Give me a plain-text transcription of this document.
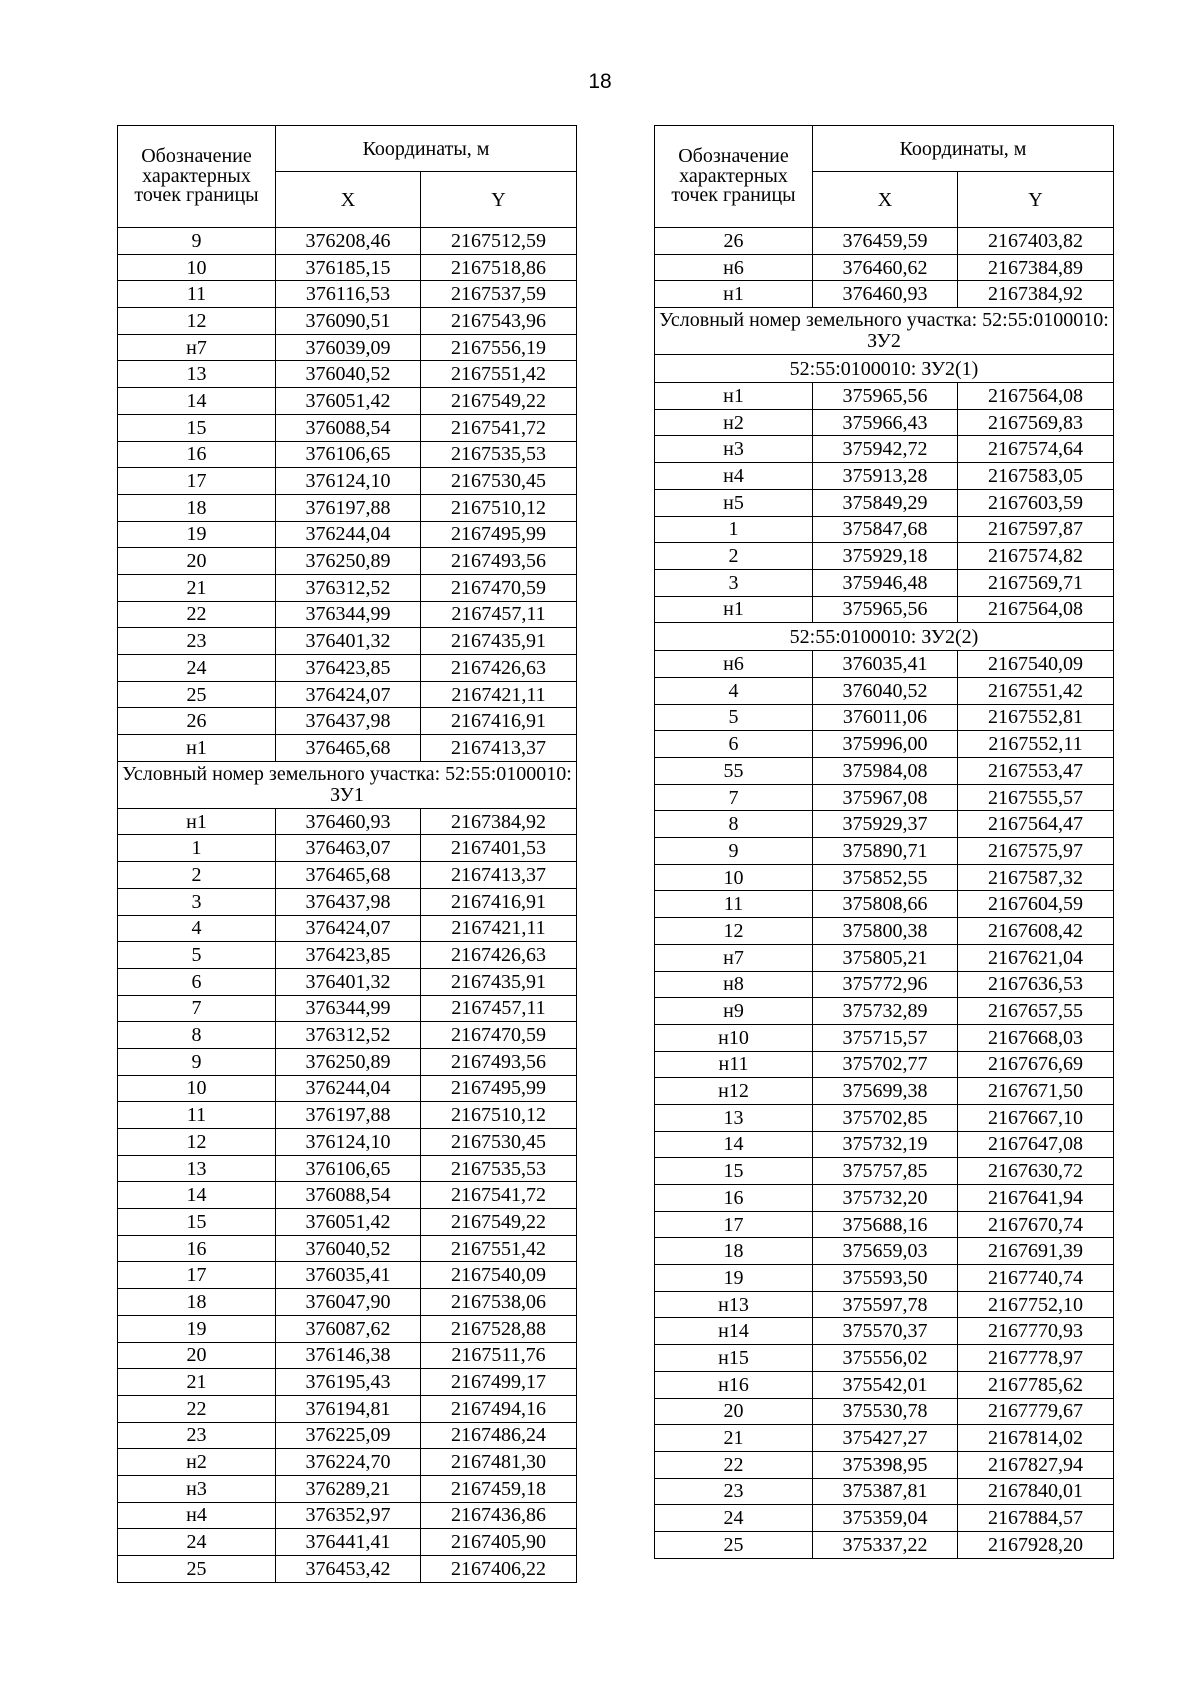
18
Обозначение характерных точек границы	Координаты, м	
	X	Y
9	376208,46	2167512,59
10	376185,15	2167518,86
11	376116,53	2167537,59
12	376090,51	2167543,96
н7	376039,09	2167556,19
13	376040,52	2167551,42
14	376051,42	2167549,22
15	376088,54	2167541,72
16	376106,65	2167535,53
17	376124,10	2167530,45
18	376197,88	2167510,12
19	376244,04	2167495,99
20	376250,89	2167493,56
21	376312,52	2167470,59
22	376344,99	2167457,11
23	376401,32	2167435,91
24	376423,85	2167426,63
25	376424,07	2167421,11
26	376437,98	2167416,91
н1	376465,68	2167413,37
Условный номер земельного участка: 52:55:0100010: ЗУ1		
н1	376460,93	2167384,92
1	376463,07	2167401,53
2	376465,68	2167413,37
3	376437,98	2167416,91
4	376424,07	2167421,11
5	376423,85	2167426,63
6	376401,32	2167435,91
7	376344,99	2167457,11
8	376312,52	2167470,59
9	376250,89	2167493,56
10	376244,04	2167495,99
11	376197,88	2167510,12
12	376124,10	2167530,45
13	376106,65	2167535,53
14	376088,54	2167541,72
15	376051,42	2167549,22
16	376040,52	2167551,42
17	376035,41	2167540,09
18	376047,90	2167538,06
19	376087,62	2167528,88
20	376146,38	2167511,76
21	376195,43	2167499,17
22	376194,81	2167494,16
23	376225,09	2167486,24
н2	376224,70	2167481,30
н3	376289,21	2167459,18
н4	376352,97	2167436,86
24	376441,41	2167405,90
25	376453,42	2167406,22
Обозначение характерных точек границы	Координаты, м	
	X	Y
26	376459,59	2167403,82
н6	376460,62	2167384,89
н1	376460,93	2167384,92
Условный номер земельного участка: 52:55:0100010: ЗУ2		
52:55:0100010: ЗУ2(1)		
н1	375965,56	2167564,08
н2	375966,43	2167569,83
н3	375942,72	2167574,64
н4	375913,28	2167583,05
н5	375849,29	2167603,59
1	375847,68	2167597,87
2	375929,18	2167574,82
3	375946,48	2167569,71
н1	375965,56	2167564,08
52:55:0100010: ЗУ2(2)		
н6	376035,41	2167540,09
4	376040,52	2167551,42
5	376011,06	2167552,81
6	375996,00	2167552,11
55	375984,08	2167553,47
7	375967,08	2167555,57
8	375929,37	2167564,47
9	375890,71	2167575,97
10	375852,55	2167587,32
11	375808,66	2167604,59
12	375800,38	2167608,42
н7	375805,21	2167621,04
н8	375772,96	2167636,53
н9	375732,89	2167657,55
н10	375715,57	2167668,03
н11	375702,77	2167676,69
н12	375699,38	2167671,50
13	375702,85	2167667,10
14	375732,19	2167647,08
15	375757,85	2167630,72
16	375732,20	2167641,94
17	375688,16	2167670,74
18	375659,03	2167691,39
19	375593,50	2167740,74
н13	375597,78	2167752,10
н14	375570,37	2167770,93
н15	375556,02	2167778,97
н16	375542,01	2167785,62
20	375530,78	2167779,67
21	375427,27	2167814,02
22	375398,95	2167827,94
23	375387,81	2167840,01
24	375359,04	2167884,57
25	375337,22	2167928,20
